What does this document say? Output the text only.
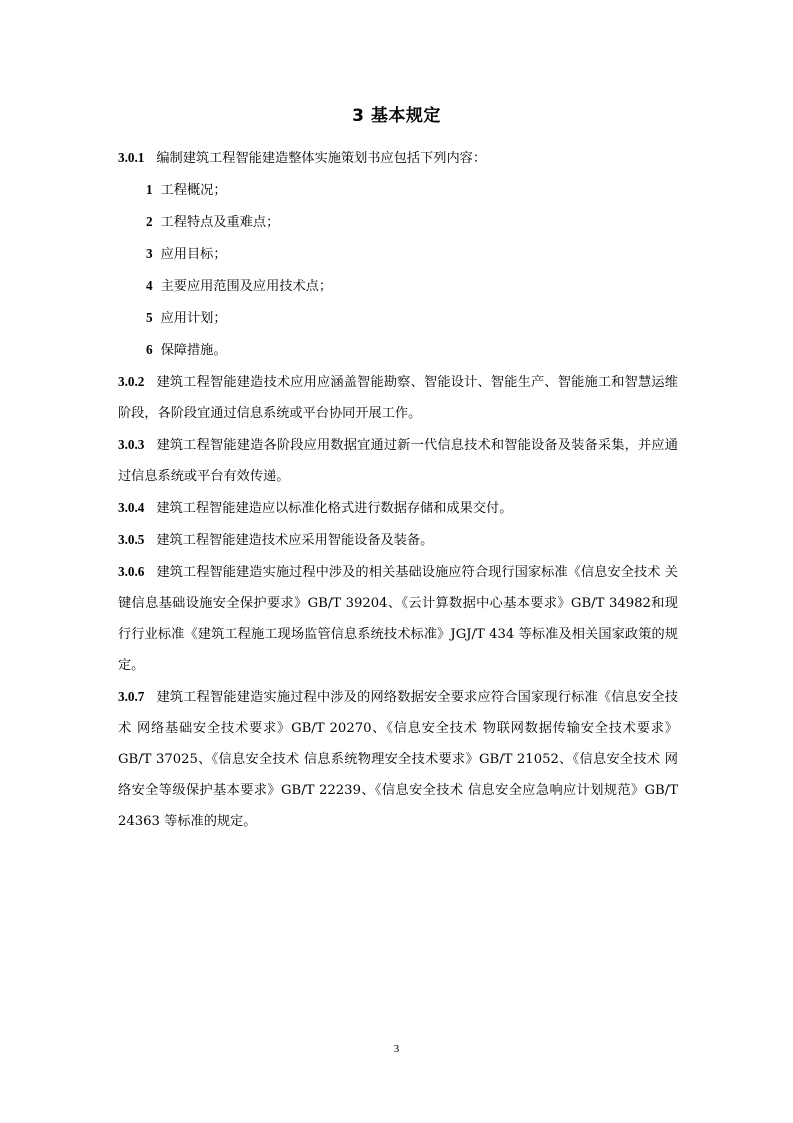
3 基本规定

3.0.1 编制建筑工程智能建造整体实施策划书应包括下列内容：

1 工程概况；

2 工程特点及重难点；

3 应用目标；

4 主要应用范围及应用技术点；

5 应用计划；

6 保障措施。

3.0.2 建筑工程智能建造技术应用应涵盖智能勘察、智能设计、智能生产、智能施工和智慧运维阶段，各阶段宜通过信息系统或平台协同开展工作。

3.0.3 建筑工程智能建造各阶段应用数据宜通过新一代信息技术和智能设备及装备采集，并应通过信息系统或平台有效传递。

3.0.4 建筑工程智能建造应以标准化格式进行数据存储和成果交付。

3.0.5 建筑工程智能建造技术应采用智能设备及装备。

3.0.6 建筑工程智能建造实施过程中涉及的相关基础设施应符合现行国家标准《信息安全技术 关键信息基础设施安全保护要求》GB/T 39204、《云计算数据中心基本要求》GB/T 34982和现行行业标准《建筑工程施工现场监管信息系统技术标准》JGJ/T 434 等标准及相关国家政策的规定。

3.0.7 建筑工程智能建造实施过程中涉及的网络数据安全要求应符合国家现行标准《信息安全技术 网络基础安全技术要求》GB/T 20270、《信息安全技术 物联网数据传输安全技术要求》GB/T 37025、《信息安全技术 信息系统物理安全技术要求》GB/T 21052、《信息安全技术 网络安全等级保护基本要求》GB/T 22239、《信息安全技术 信息安全应急响应计划规范》GB/T 24363 等标准的规定。

3
